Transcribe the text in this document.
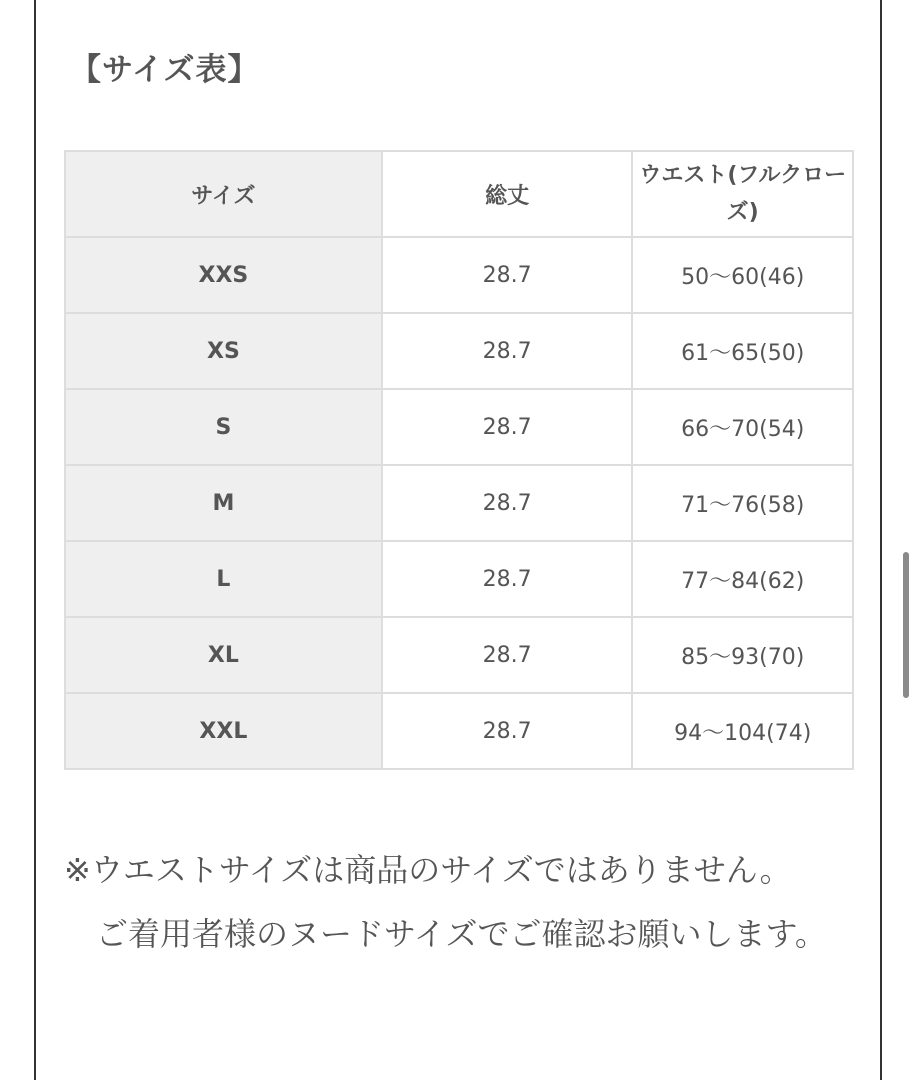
【サイズ表】
サイズ	総丈	ウエスト(フルクローズ)
XXS	28.7	50〜60(46)
XS	28.7	61〜65(50)
S	28.7	66〜70(54)
M	28.7	71〜76(58)
L	28.7	77〜84(62)
XL	28.7	85〜93(70)
XXL	28.7	94〜104(74)

※ウエストサイズは商品のサイズではありません。

　ご着用者様のヌードサイズでご確認お願いします。
